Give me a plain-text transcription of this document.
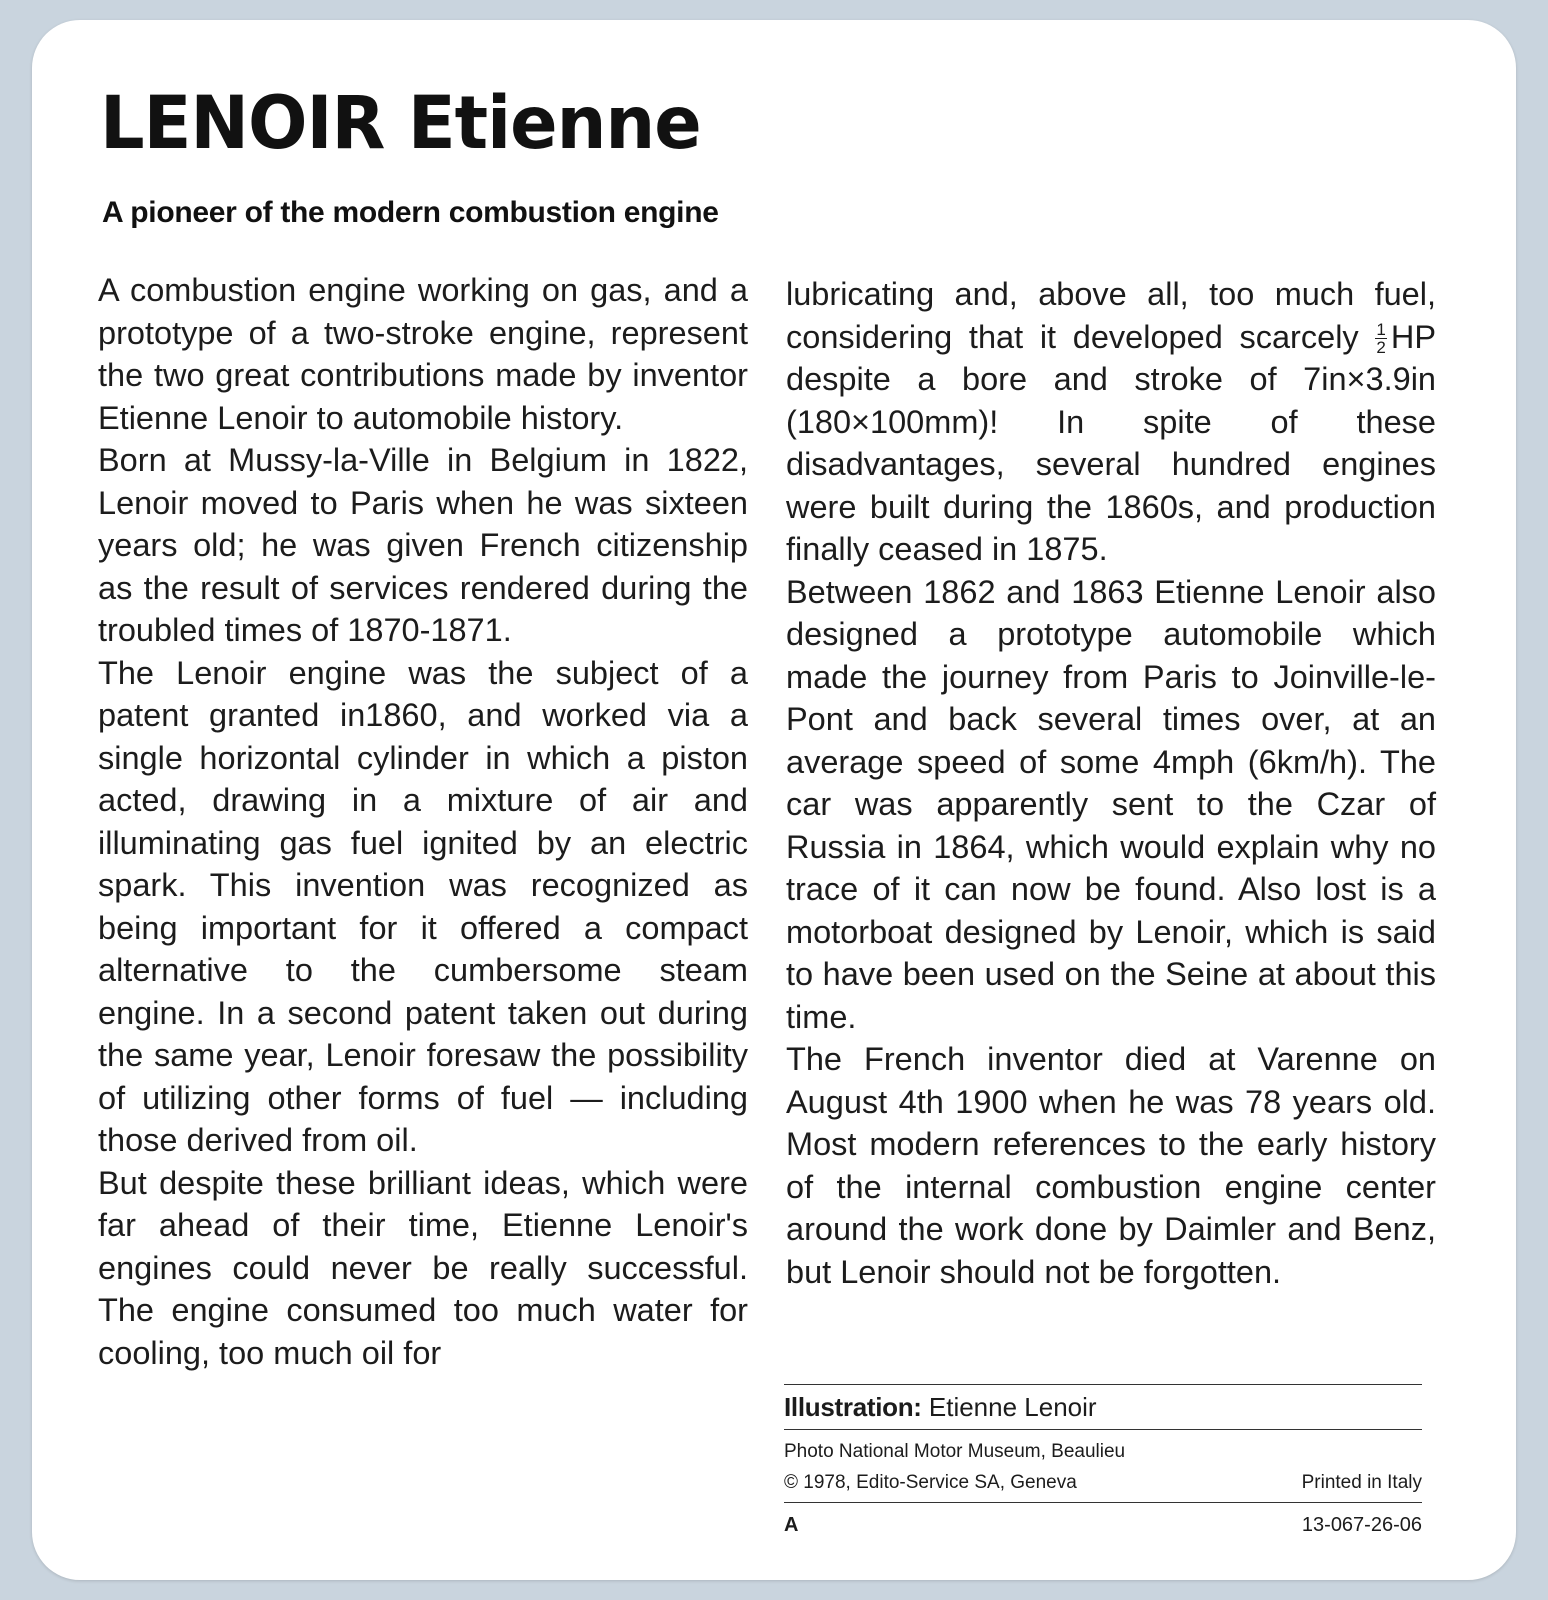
LENOIR Etienne
A pioneer of the modern combustion engine

A combustion engine working on gas, and a prototype of a two-stroke engine, represent the two great contributions made by inventor Etienne Lenoir to automobile history.

Born at Mussy-la-Ville in Belgium in 1822, Lenoir moved to Paris when he was sixteen years old; he was given French citizenship as the result of services rendered during the troubled times of 1870-1871.

The Lenoir engine was the subject of a patent granted in1860, and worked via a single horizontal cylinder in which a piston acted, drawing in a mixture of air and illuminating gas fuel ignited by an electric spark. This invention was recognized as being important for it offered a compact alternative to the cumbersome steam engine. In a second patent taken out during the same year, Lenoir foresaw the possibility of utilizing other forms of fuel — including those derived from oil.

But despite these brilliant ideas, which were far ahead of their time, Etienne Lenoir's engines could never be really successful. The engine consumed too much water for cooling, too much oil for

lubricating and, above all, too much fuel, considering that it developed scarcely $\frac{1}{2}$ HP despite a bore and stroke of 7in×3.9in (180×100mm)! In spite of these disadvantages, several hundred engines were built during the 1860s, and production finally ceased in 1875.

Between 1862 and 1863 Etienne Lenoir also designed a prototype automobile which made the journey from Paris to Joinville-le-Pont and back several times over, at an average speed of some 4mph (6km/h). The car was apparently sent to the Czar of Russia in 1864, which would explain why no trace of it can now be found. Also lost is a motorboat designed by Lenoir, which is said to have been used on the Seine at about this time.

The French inventor died at Varenne on August 4th 1900 when he was 78 years old. Most modern references to the early history of the internal combustion engine center around the work done by Daimler and Benz, but Lenoir should not be forgotten.

Illustration: Etienne Lenoir
Photo National Motor Museum, Beaulieu
© 1978, Edito-Service SA, Geneva	Printed in Italy
A	13-067-26-06
